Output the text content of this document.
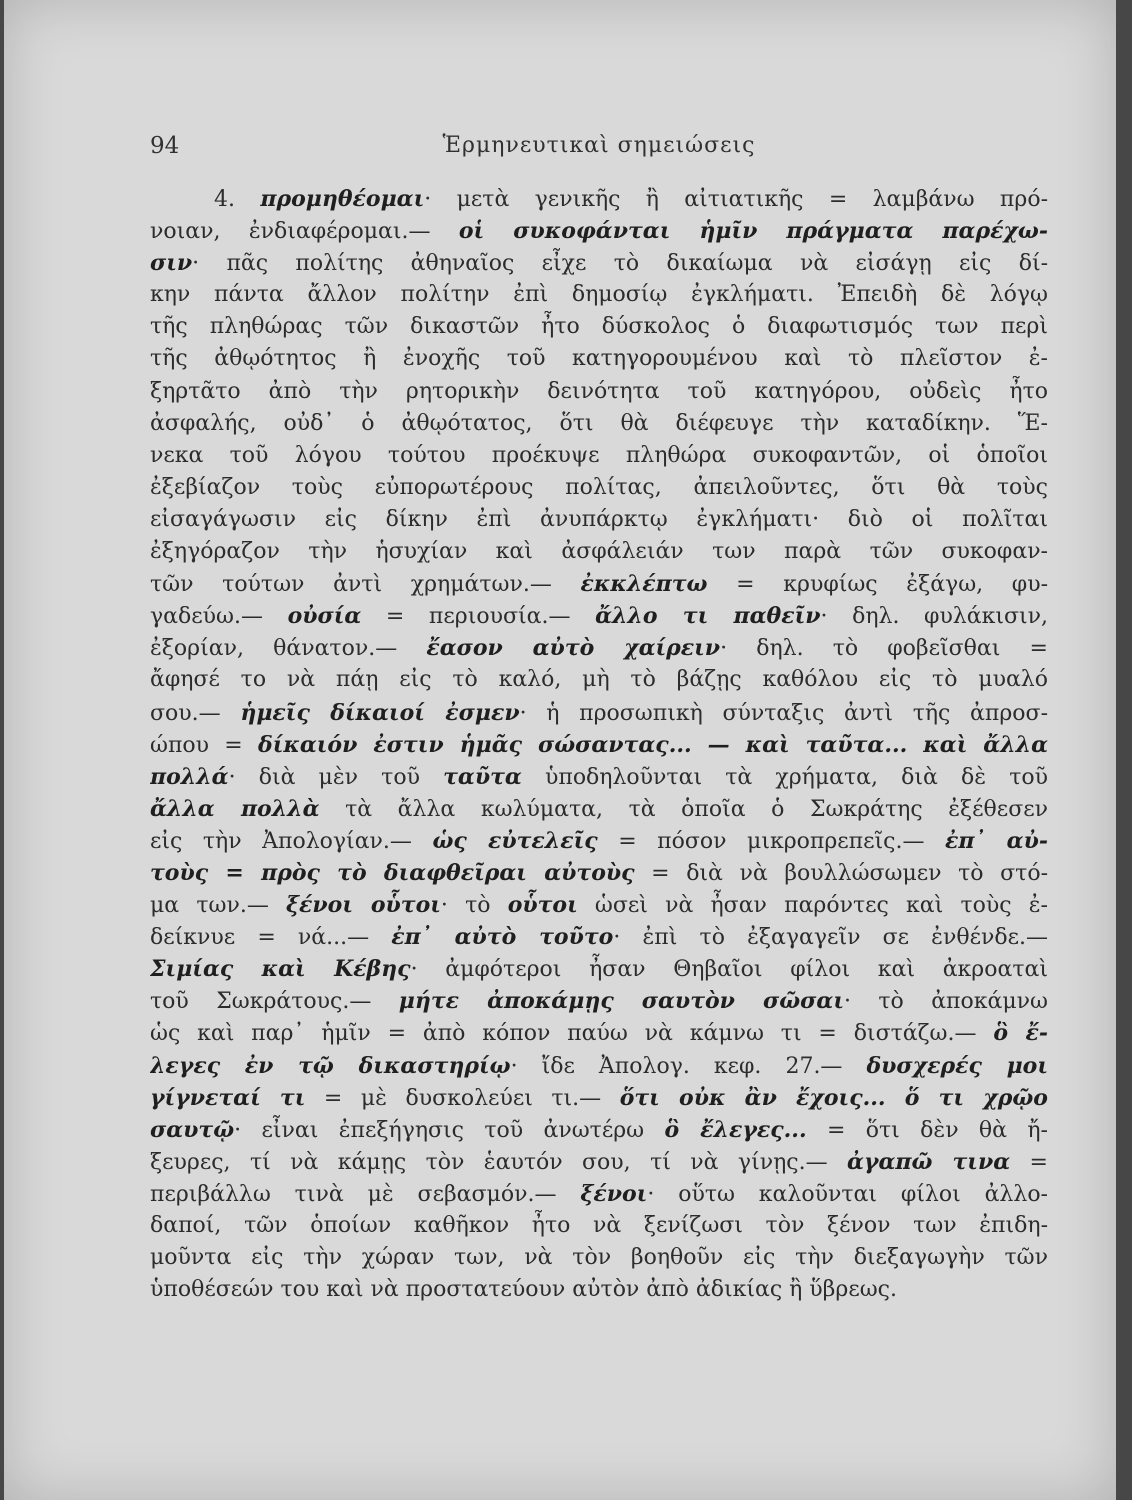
94	Ἑρμηνευτικαὶ σημειώσεις
4. προμηθέομαι· μετὰ γενικῆς ἢ αἰτιατικῆς = λαμβάνω πρό-
νοιαν, ἐνδιαφέρομαι.— οἱ συκοφάνται ἡμῖν πράγματα παρέχω-
σιν· πᾶς πολίτης ἀθηναῖος εἶχε τὸ δικαίωμα νὰ εἰσάγῃ εἰς δί-
κην πάντα ἄλλον πολίτην ἐπὶ δημοσίῳ ἐγκλήματι. Ἐπειδὴ δὲ λόγῳ
τῆς πληθώρας τῶν δικαστῶν ἦτο δύσκολος ὁ διαφωτισμός των περὶ
τῆς ἀθῳότητος ἢ ἐνοχῆς τοῦ κατηγορουμένου καὶ τὸ πλεῖστον ἐ-
ξηρτᾶτο ἀπὸ τὴν ρητορικὴν δεινότητα τοῦ κατηγόρου, οὐδεὶς ἦτο
ἀσφαλής, οὐδ᾽ ὁ ἀθῳότατος, ὅτι θὰ διέφευγε τὴν καταδίκην. Ἕ-
νεκα τοῦ λόγου τούτου προέκυψε πληθώρα συκοφαντῶν, οἱ ὁποῖοι
ἐξεβίαζον τοὺς εὐπορωτέρους πολίτας, ἀπειλοῦντες, ὅτι θὰ τοὺς
εἰσαγάγωσιν εἰς δίκην ἐπὶ ἀνυπάρκτῳ ἐγκλήματι· διὸ οἱ πολῖται
ἐξηγόραζον τὴν ἡσυχίαν καὶ ἀσφάλειάν των παρὰ τῶν συκοφαν-
τῶν τούτων ἀντὶ χρημάτων.— ἐκκλέπτω = κρυφίως ἐξάγω, φυ-
γαδεύω.— οὐσία = περιουσία.— ἄλλο τι παθεῖν· δηλ. φυλάκισιν,
ἐξορίαν, θάνατον.— ἔασον αὐτὸ χαίρειν· δηλ. τὸ φοβεῖσθαι =
ἄφησέ το νὰ πάῃ εἰς τὸ καλό, μὴ τὸ βάζῃς καθόλου εἰς τὸ μυαλό
σου.— ἡμεῖς δίκαιοί ἐσμεν· ἡ προσωπικὴ σύνταξις ἀντὶ τῆς ἀπροσ-
ώπου = δίκαιόν ἐστιν ἡμᾶς σώσαντας... — καὶ ταῦτα... καὶ ἄλλα
πολλά· διὰ μὲν τοῦ ταῦτα ὑποδηλοῦνται τὰ χρήματα, διὰ δὲ τοῦ
ἄλλα πολλὰ τὰ ἄλλα κωλύματα, τὰ ὁποῖα ὁ Σωκράτης ἐξέθεσεν
εἰς τὴν Ἀπολογίαν.— ὡς εὐτελεῖς = πόσον μικροπρεπεῖς.— ἐπ᾽ αὐ-
τοὺς = πρὸς τὸ διαφθεῖραι αὐτοὺς = διὰ νὰ βουλλώσωμεν τὸ στό-
μα των.— ξένοι οὗτοι· τὸ οὗτοι ὡσεὶ νὰ ἦσαν παρόντες καὶ τοὺς ἐ-
δείκνυε = νά...— ἐπ᾽ αὐτὸ τοῦτο· ἐπὶ τὸ ἐξαγαγεῖν σε ἐνθένδε.—
Σιμίας καὶ Κέβης· ἀμφότεροι ἦσαν Θηβαῖοι φίλοι καὶ ἀκροαταὶ
τοῦ Σωκράτους.— μήτε ἀποκάμῃς σαυτὸν σῶσαι· τὸ ἀποκάμνω
ὡς καὶ παρ᾽ ἡμῖν = ἀπὸ κόπον παύω νὰ κάμνω τι = διστάζω.— ὃ ἔ-
λεγες ἐν τῷ δικαστηρίῳ· ἴδε Ἀπολογ. κεφ. 27.— δυσχερές μοι
γίγνεταί τι = μὲ δυσκολεύει τι.— ὅτι οὐκ ἂν ἔχοις... ὅ τι χρῷο
σαυτῷ· εἶναι ἐπεξήγησις τοῦ ἀνωτέρω ὃ ἔλεγες... = ὅτι δὲν θὰ ἤ-
ξευρες, τί νὰ κάμῃς τὸν ἑαυτόν σου, τί νὰ γίνῃς.— ἀγαπῶ τινα =
περιβάλλω τινὰ μὲ σεβασμόν.— ξένοι· οὕτω καλοῦνται φίλοι ἀλλο-
δαποί, τῶν ὁποίων καθῆκον ἦτο νὰ ξενίζωσι τὸν ξένον των ἐπιδη-
μοῦντα εἰς τὴν χώραν των, νὰ τὸν βοηθοῦν εἰς τὴν διεξαγωγὴν τῶν
ὑποθέσεών του καὶ νὰ προστατεύουν αὐτὸν ἀπὸ ἀδικίας ἢ ὕβρεως.
